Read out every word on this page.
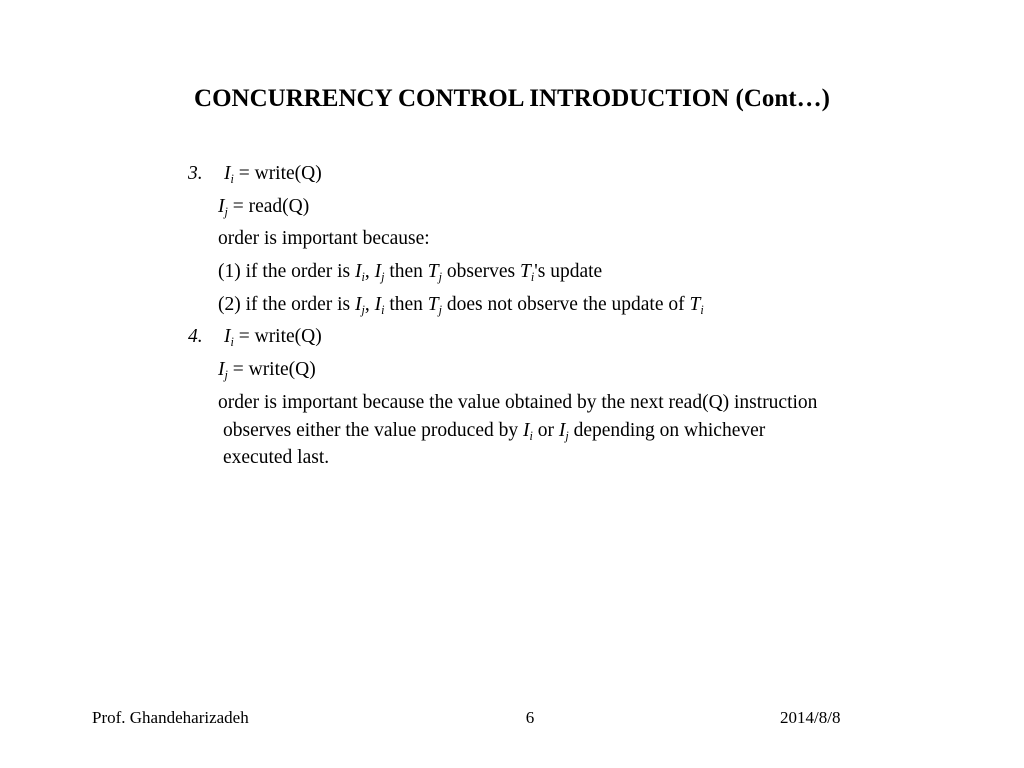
CONCURRENCY CONTROL INTRODUCTION (Cont…)
3. $I_i$ = write(Q)
$I_j$ = read(Q)
order is important because:
(1) if the order is $I_i$, $I_j$ then $T_j$ observes $T_i's$ update
(2) if the order is $I_j$, $I_i$ then $T_j$ does not observe the update of $T_i$
4. $I_i$ = write(Q)
$I_j$ = write(Q)
order is important because the value obtained by the next read(Q) instruction
observes either the value produced by $I_i$ or $I_j$ depending on whichever
executed last.
Prof. Ghandeharizadeh	6	2014/8/8
